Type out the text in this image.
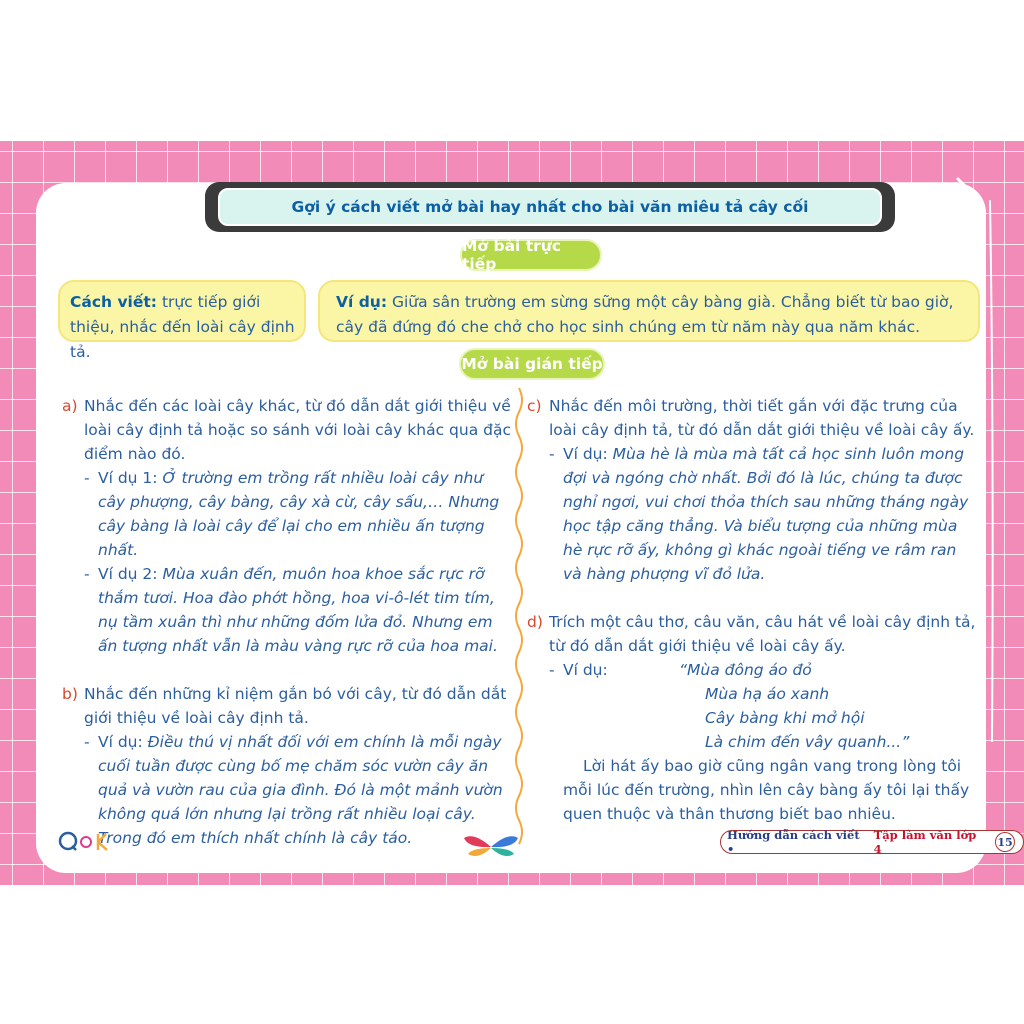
Gợi ý cách viết mở bài hay nhất cho bài văn miêu tả cây cối
Mở bài trực tiếp
Cách viết: trực tiếp giới thiệu, nhắc đến loài cây định tả.
Ví dụ: Giữa sân trường em sừng sững một cây bàng già. Chẳng biết từ bao giờ, cây đã đứng đó che chở cho học sinh chúng em từ năm này qua năm khác.
Mở bài gián tiếp
a) Nhắc đến các loài cây khác, từ đó dẫn dắt giới thiệu về loài cây định tả hoặc so sánh với loài cây khác qua đặc điểm nào đó.
- Ví dụ 1: Ở trường em trồng rất nhiều loài cây như cây phượng, cây bàng, cây xà cừ, cây sấu,… Nhưng cây bàng là loài cây để lại cho em nhiều ấn tượng nhất.
- Ví dụ 2: Mùa xuân đến, muôn hoa khoe sắc rực rỡ thắm tươi. Hoa đào phớt hồng, hoa vi-ô-lét tim tím, nụ tầm xuân thì như những đốm lửa đỏ. Nhưng em ấn tượng nhất vẫn là màu vàng rực rỡ của hoa mai.
b) Nhắc đến những kỉ niệm gắn bó với cây, từ đó dẫn dắt giới thiệu về loài cây định tả.
- Ví dụ: Điều thú vị nhất đối với em chính là mỗi ngày cuối tuần được cùng bố mẹ chăm sóc vườn cây ăn quả và vườn rau của gia đình. Đó là một mảnh vườn không quá lớn nhưng lại trồng rất nhiều loại cây. Trong đó em thích nhất chính là cây táo.
c) Nhắc đến môi trường, thời tiết gắn với đặc trưng của loài cây định tả, từ đó dẫn dắt giới thiệu về loài cây ấy.
- Ví dụ: Mùa hè là mùa mà tất cả học sinh luôn mong đợi và ngóng chờ nhất. Bởi đó là lúc, chúng ta được nghỉ ngơi, vui chơi thỏa thích sau những tháng ngày học tập căng thẳng. Và biểu tượng của những mùa hè rực rỡ ấy, không gì khác ngoài tiếng ve râm ran và hàng phượng vĩ đỏ lửa.
d) Trích một câu thơ, câu văn, câu hát về loài cây định tả, từ đó dẫn dắt giới thiệu về loài cây ấy.
- Ví dụ:	“Mùa đông áo đỏ
Mùa hạ áo xanh
Cây bàng khi mở hội
Là chim đến vây quanh...”
Lời hát ấy bao giờ cũng ngân vang trong lòng tôi mỗi lúc đến trường, nhìn lên cây bàng ấy tôi lại thấy quen thuộc và thân thương biết bao nhiêu.
Hướng dẫn cách viết •
Tập làm văn lớp 4	15
